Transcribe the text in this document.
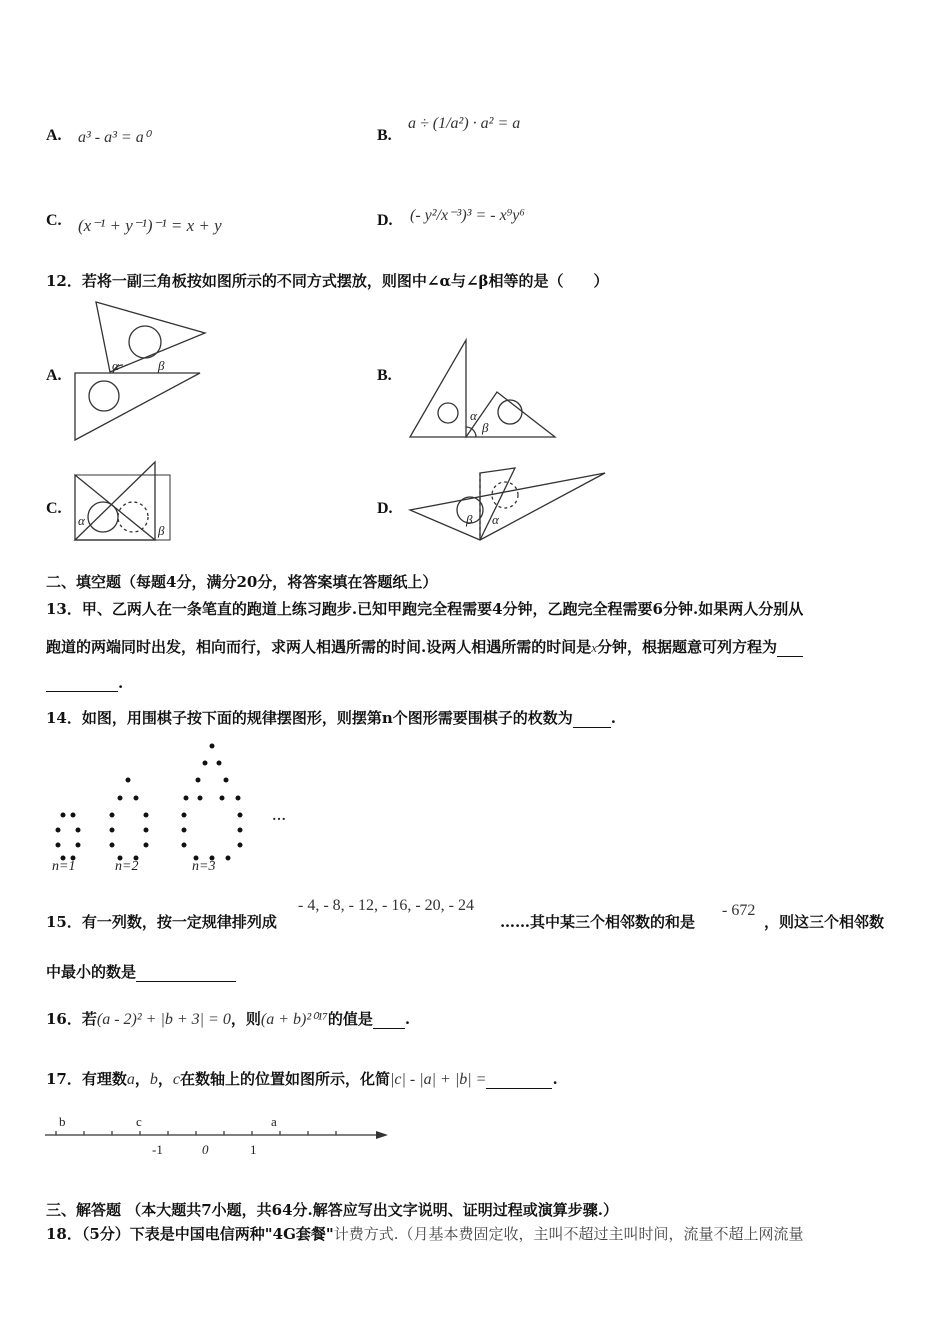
A. a³ - a³ = a⁰	B.
a ÷ (1/a²) · a² = a
C. (x⁻¹ + y⁻¹)⁻¹ = x + y	D. (- y²/x⁻³)³ = - x⁹y⁶
12．若将一副三角板按如图所示的不同方式摆放，则图中∠α与∠β相等的是（　　）
A.	B.
C.	D.
α	β
α
β
α
β
β α
二、填空题（每题4分，满分20分，将答案填在答题纸上）
13．甲、乙两人在一条笔直的跑道上练习跑步.已知甲跑完全程需要4分钟，乙跑完全程需要6分钟.如果两人分别从
跑道的两端同时出发，相向而行，求两人相遇所需的时间.设两人相遇所需的时间是x分钟，根据题意可列方程为
.
14．如图，用围棋子按下面的规律摆图形，则摆第n个图形需要围棋子的枚数为	.
n=1	n=2	n=3
…
15．有一列数，按一定规律排列成
- 4, - 8, - 12, - 16, - 20, - 24
……其中某三个相邻数的和是
- 672
，则这三个相邻数
中最小的数是
16．若(a - 2)² + |b + 3| = 0，则(a + b)²⁰¹⁷的值是 .
17．有理数a，b，c在数轴上的位置如图所示，化简|c| - |a| + |b| =	.
b	c	a
-1	0	1
三、解答题 （本大题共7小题，共64分.解答应写出文字说明、证明过程或演算步骤.）
18．（5分）下表是中国电信两种"4G套餐"计费方式.（月基本费固定收，主叫不超过主叫时间，流量不超上网流量
